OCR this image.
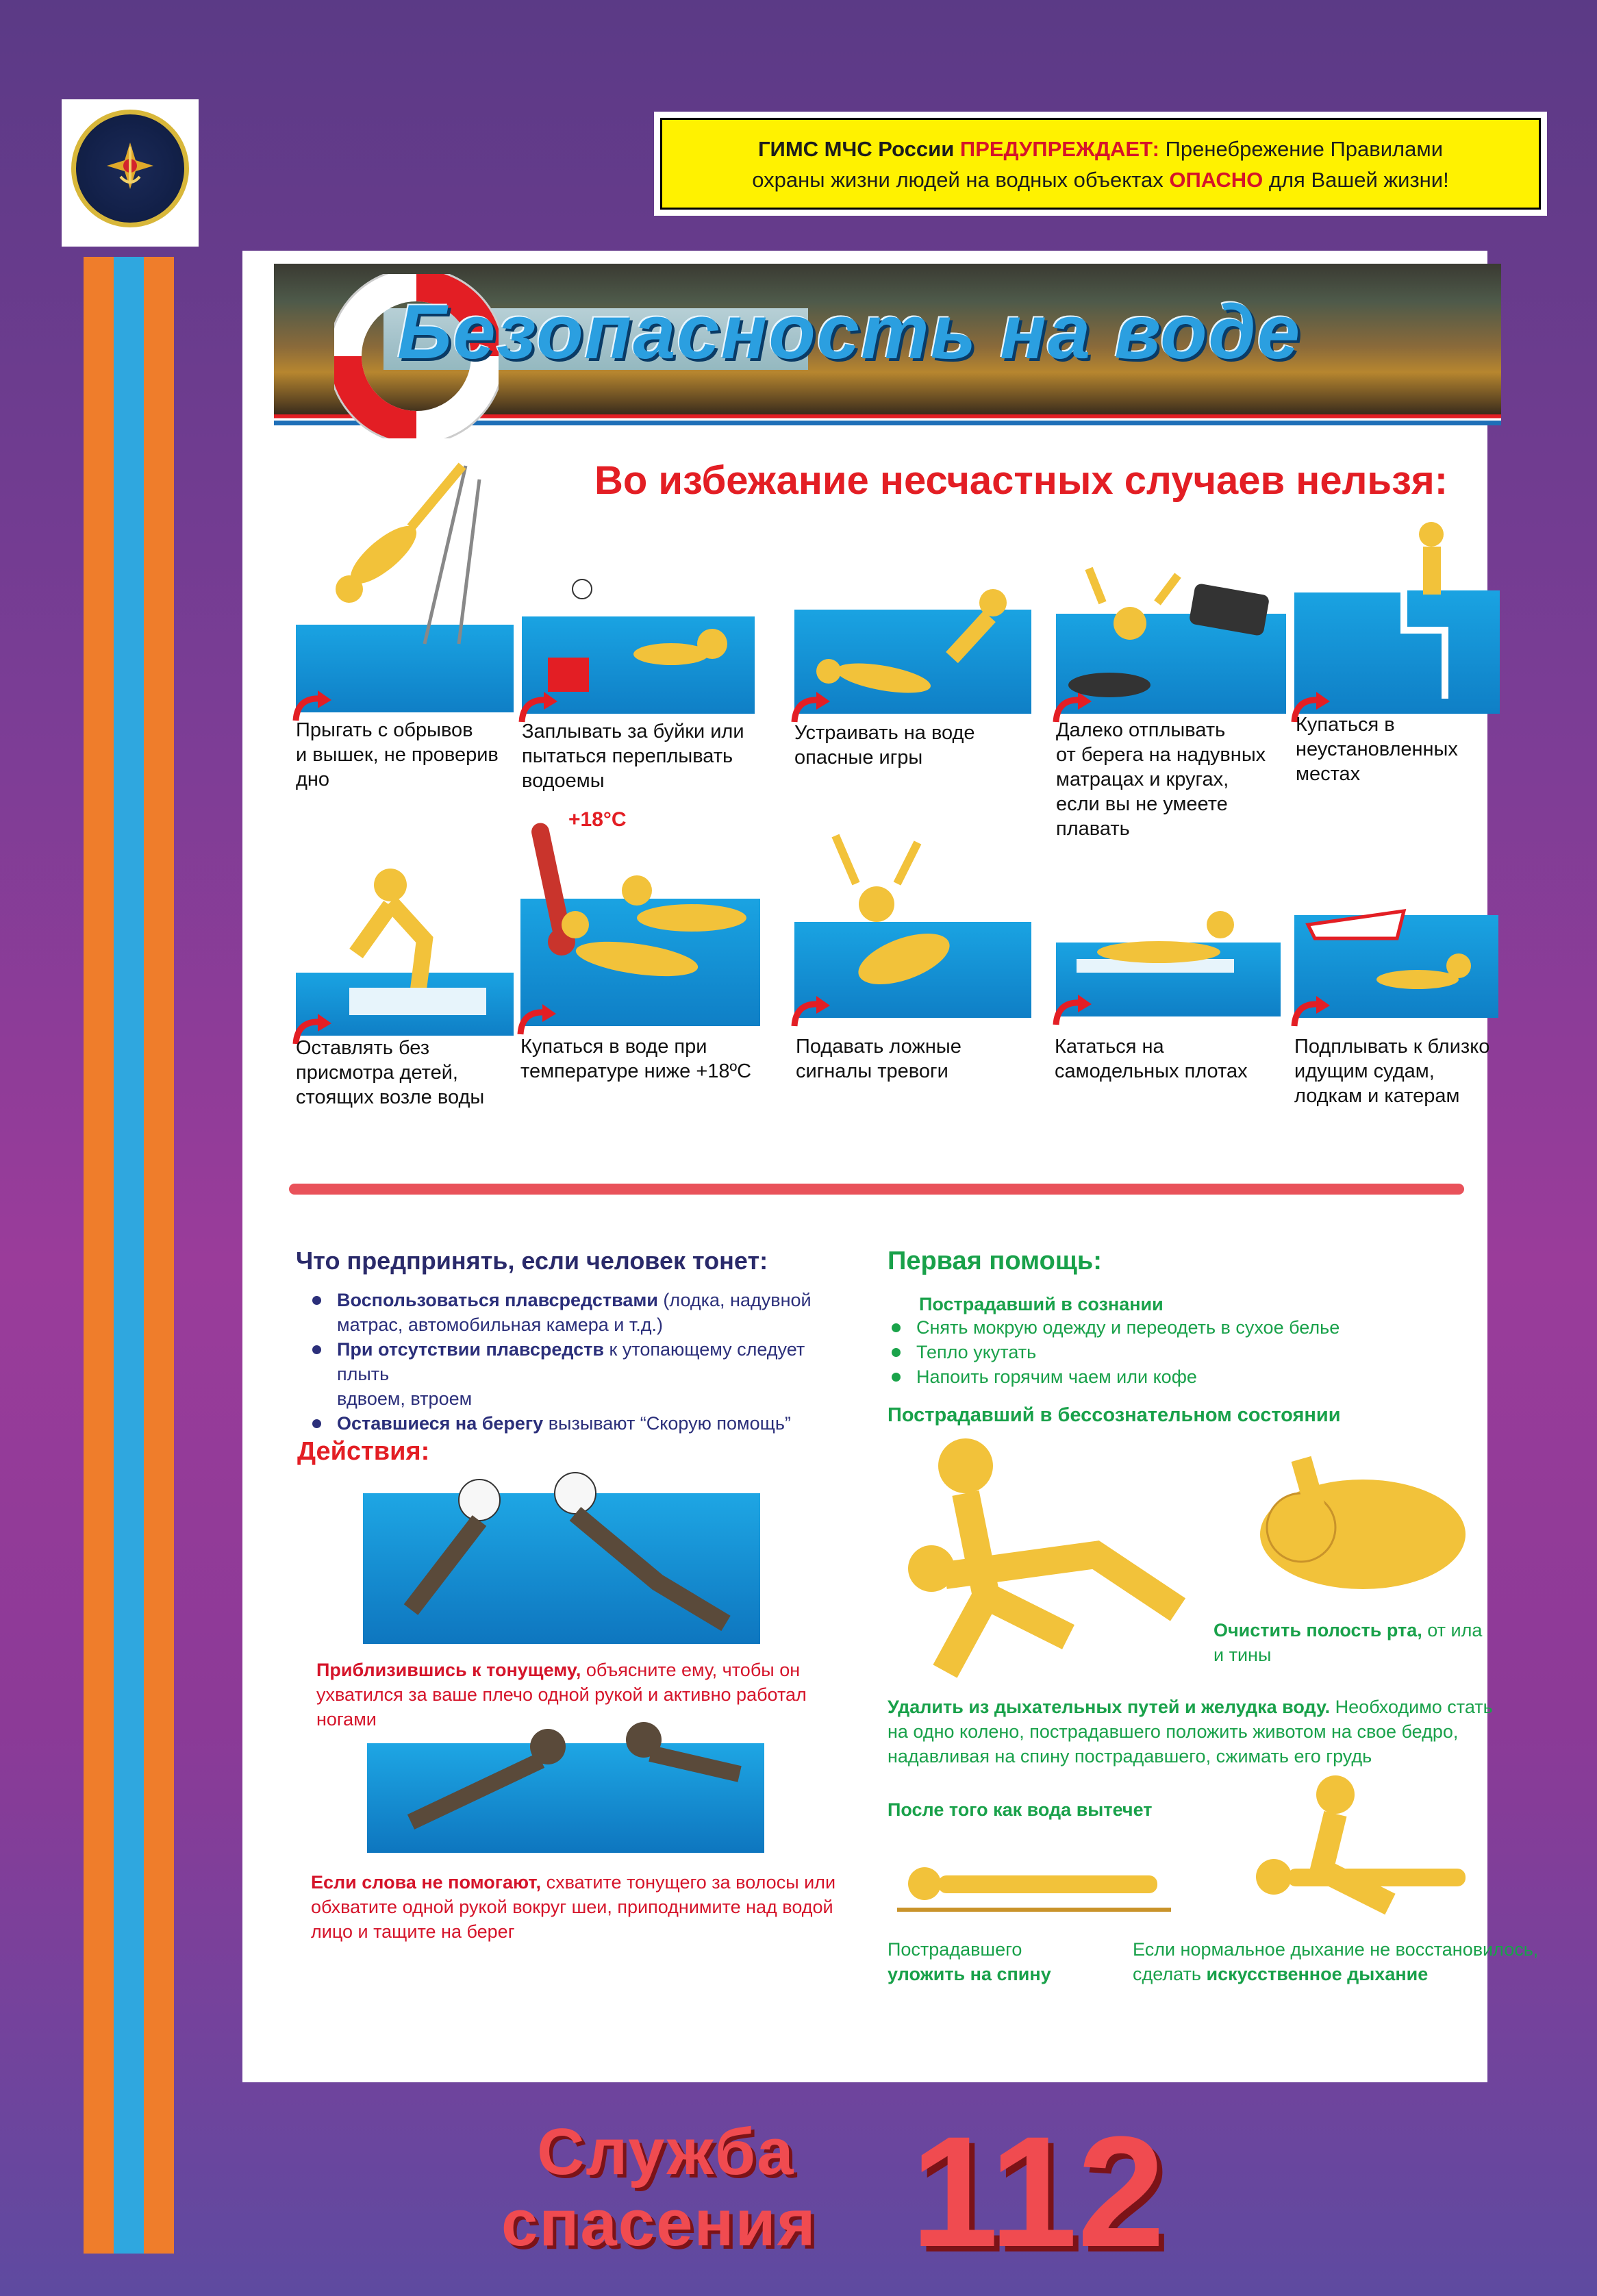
ГИМС МЧС России ПРЕДУПРЕЖДАЕТ: Пренебрежение Правилами
охраны жизни людей на водных объектах ОПАСНО для Вашей жизни!
Безопасность на воде
Во избежание несчастных случаев нельзя:
Прыгать с обрывов
и вышек, не проверив
дно
Заплывать за буйки или
пытаться переплывать
водоемы
Устраивать на воде
опасные игры
Далеко отплывать
от берега на надувных
матрацах и кругах,
если вы не умеете
плавать
Купаться в
неустановленных
местах
Оставлять без
присмотра детей,
стоящих возле воды
+18°C
Купаться в воде при
температуре ниже +18ºС
Подавать ложные
сигналы тревоги
Кататься на
самодельных плотах
Подплывать к близко
идущим судам,
лодкам и катерам
Что предпринять, если человек тонет:
Воспользоваться плавсредствами (лодка, надувной
матрас, автомобильная камера и т.д.)
При отсутствии плавсредств к утопающему следует плыть
вдвоем, втроем
Оставшиеся на берегу вызывают “Скорую помощь”
Действия:
Приблизившись к тонущему, объясните ему, чтобы он
ухватился за ваше плечо одной рукой и активно работал
ногами
Если слова не помогают, схватите тонущего за волосы или
обхватите одной рукой вокруг шеи, приподнимите над водой
лицо и тащите на берег
Первая помощь:
Пострадавший в сознании
Снять мокрую одежду и переодеть в сухое белье
Тепло укутать
Напоить горячим чаем или кофе
Пострадавший в бессознательном состоянии
Очистить полость рта, от ила
и тины
Удалить из дыхательных путей и желудка воду. Необходимо стать
на одно колено, пострадавшего положить животом на свое бедро,
надавливая на спину пострадавшего, сжимать его грудь
После того как вода вытечет
Пострадавшего
уложить на спину
Если нормальное дыхание не восстановилось,
сделать искусственное дыхание
Служба
спасения 112
